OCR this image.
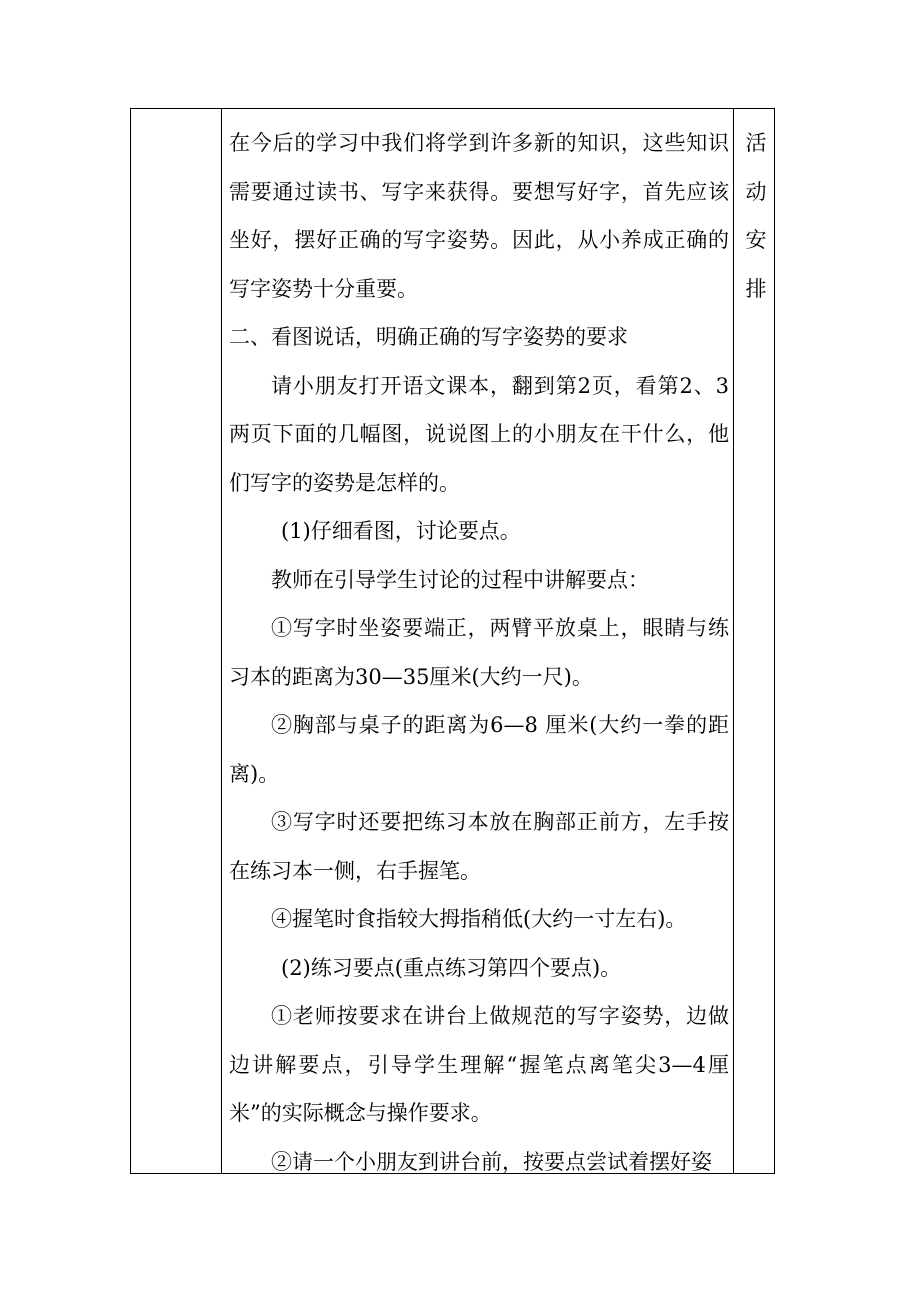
在今后的学习中我们将学到许多新的知识，这些知识需要通过读书、写字来获得。要想写好字，首先应该坐好，摆好正确的写字姿势。因此，从小养成正确的写字姿势十分重要。

二、看图说话，明确正确的写字姿势的要求

请小朋友打开语文课本，翻到第2页，看第2、3两页下面的几幅图，说说图上的小朋友在干什么，他们写字的姿势是怎样的。

(1)仔细看图，讨论要点。

教师在引导学生讨论的过程中讲解要点：

①写字时坐姿要端正，两臂平放桌上，眼睛与练习本的距离为30—35厘米(大约一尺)。

②胸部与桌子的距离为6—8 厘米(大约一拳的距离)。

③写字时还要把练习本放在胸部正前方，左手按在练习本一侧，右手握笔。

④握笔时食指较大拇指稍低(大约一寸左右)。

(2)练习要点(重点练习第四个要点)。

①老师按要求在讲台上做规范的写字姿势，边做边讲解要点，引导学生理解“握笔点离笔尖3—4厘米”的实际概念与操作要求。

②请一个小朋友到讲台前，按要点尝试着摆好姿

活
动
安
排
